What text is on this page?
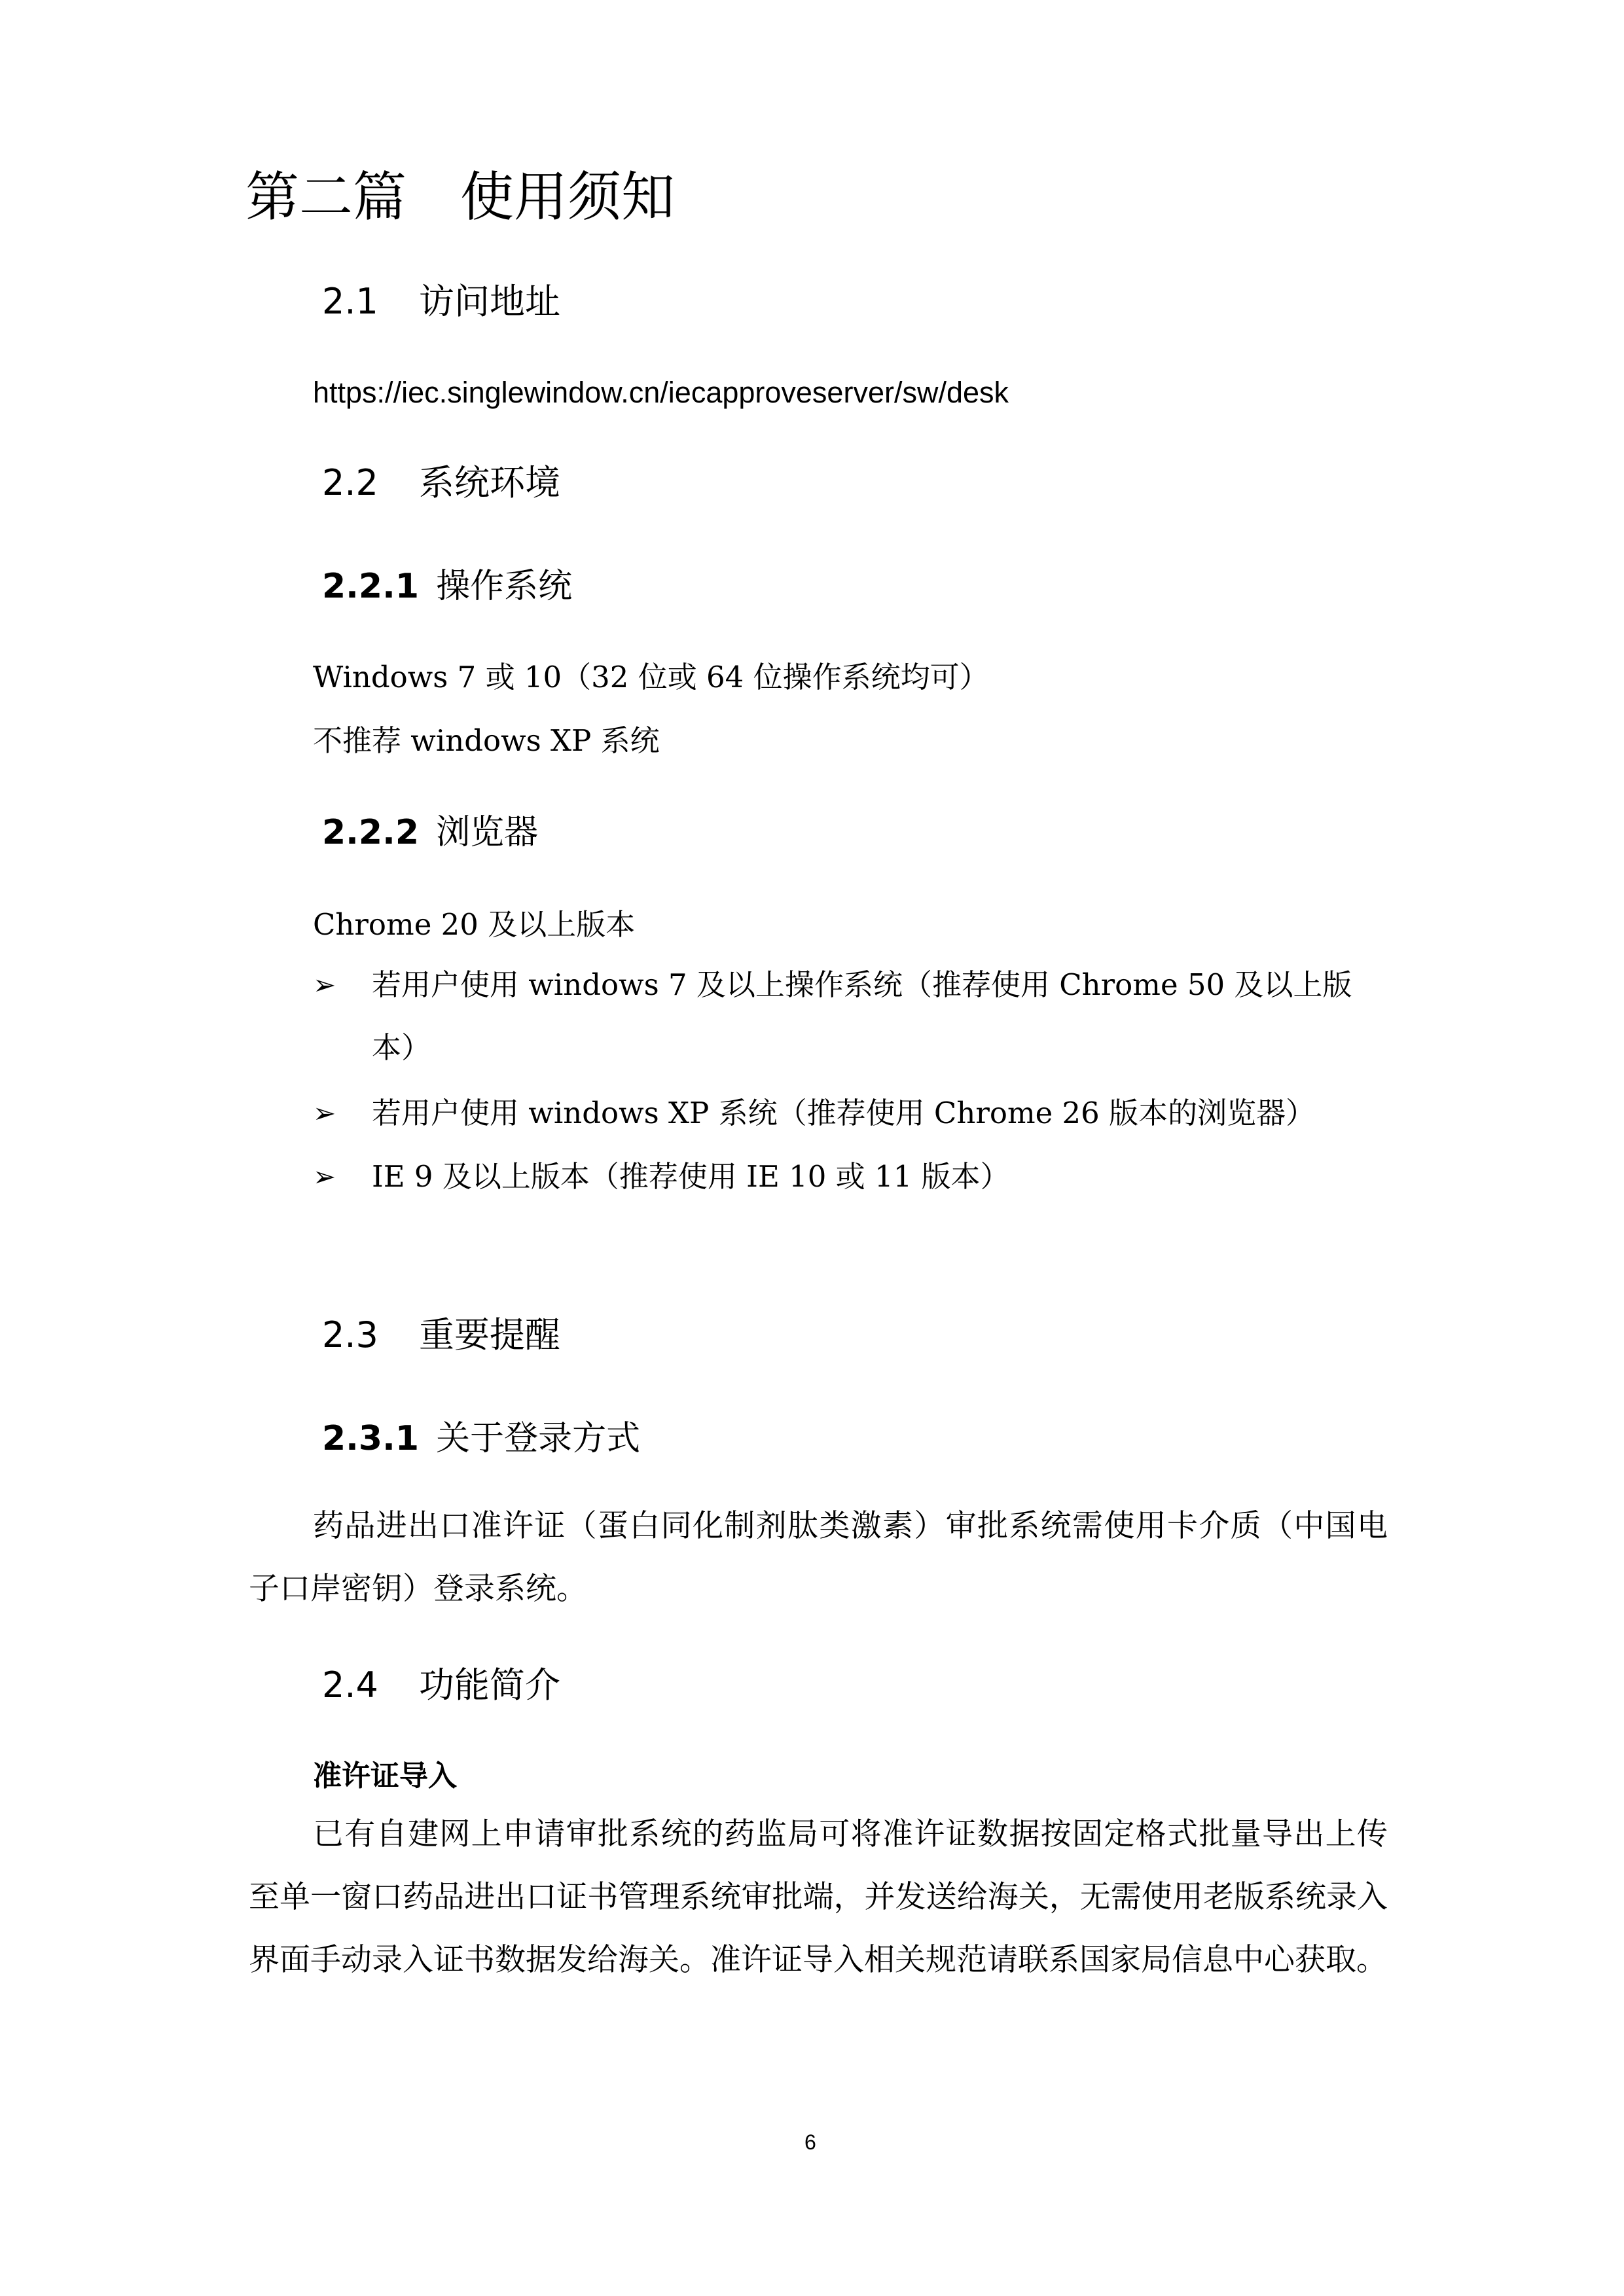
第二篇　使用须知
2.1 访问地址
https://iec.singlewindow.cn/iecapproveserver/sw/desk
2.2 系统环境
2.2.1 操作系统
Windows 7 或 10（32 位或 64 位操作系统均可）
不推荐 windows XP 系统
2.2.2 浏览器
Chrome 20 及以上版本
➢ 若用户使用 windows 7 及以上操作系统（推荐使用 Chrome 50 及以上版本）
➢ 若用户使用 windows XP 系统（推荐使用 Chrome 26 版本的浏览器）
➢ IE 9 及以上版本（推荐使用 IE 10 或 11 版本）
2.3 重要提醒
2.3.1 关于登录方式
药品进出口准许证（蛋白同化制剂肽类激素）审批系统需使用卡介质（中国电子口岸密钥）登录系统。
2.4 功能简介
准许证导入
已有自建网上申请审批系统的药监局可将准许证数据按固定格式批量导出上传至单一窗口药品进出口证书管理系统审批端，并发送给海关，无需使用老版系统录入界面手动录入证书数据发给海关。准许证导入相关规范请联系国家局信息中心获取。
6
